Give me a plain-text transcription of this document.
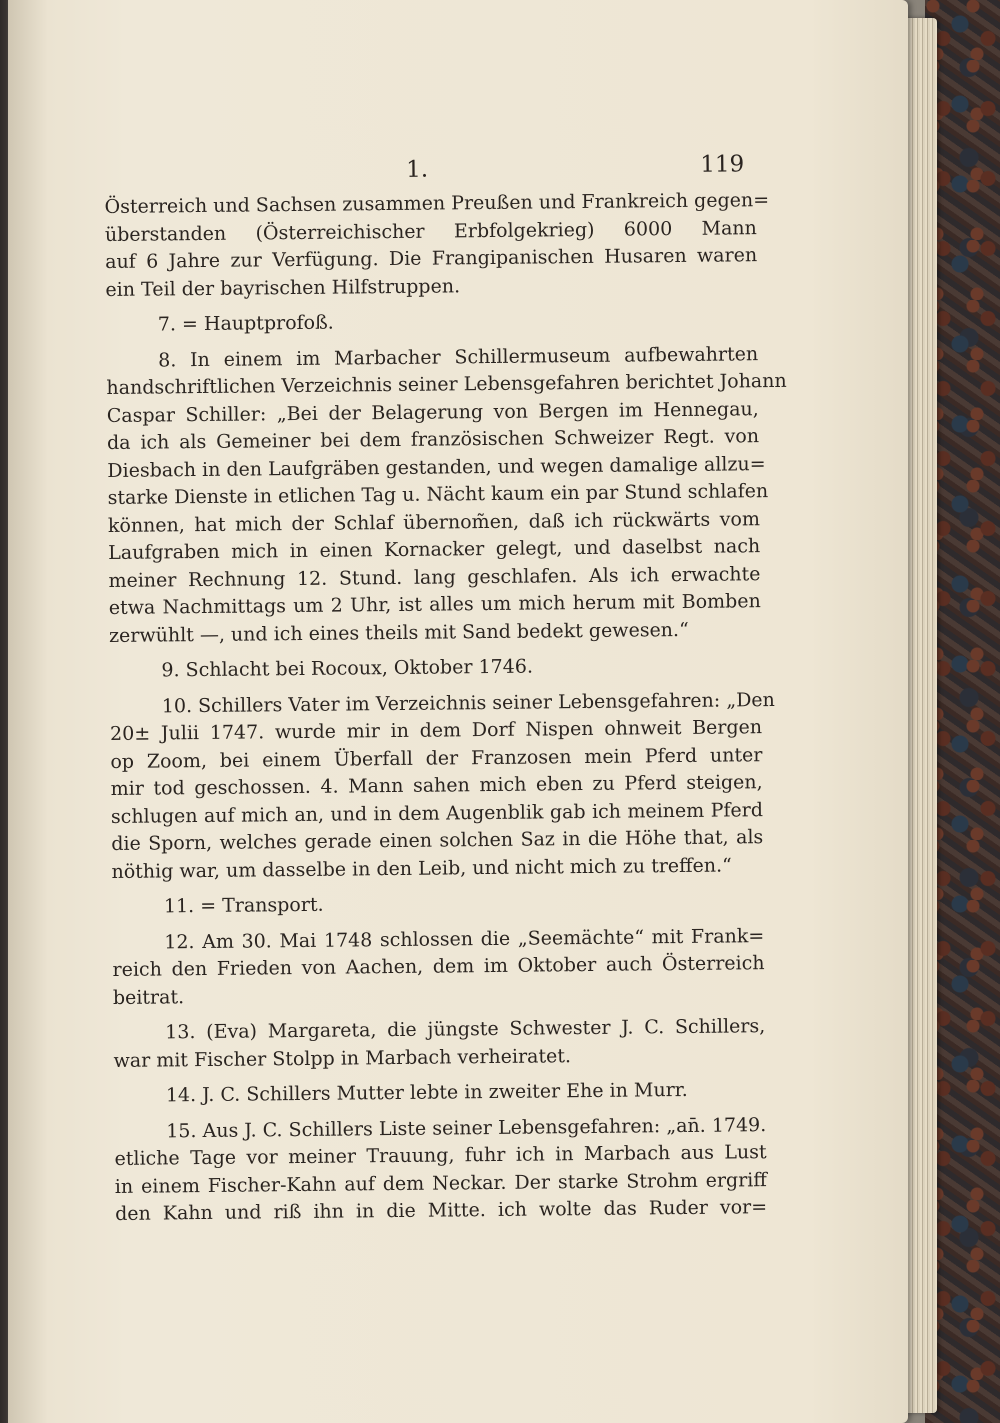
1.	119
Österreich und Sachsen zusammen Preußen und Frankreich gegen=
überstanden (Österreichischer Erbfolgekrieg) 6000 Mann
auf 6 Jahre zur Verfügung. Die Frangipanischen Husaren waren
ein Teil der bayrischen Hilfstruppen.
7. = Hauptprofoß.
8. In einem im Marbacher Schillermuseum aufbewahrten
handschriftlichen Verzeichnis seiner Lebensgefahren berichtet Johann
Caspar Schiller: „Bei der Belagerung von Bergen im Hennegau,
da ich als Gemeiner bei dem französischen Schweizer Regt. von
Diesbach in den Laufgräben gestanden, und wegen damalige allzu=
starke Dienste in etlichen Tag u. Nächt kaum ein par Stund schlafen
können, hat mich der Schlaf übernom̃en, daß ich rückwärts vom
Laufgraben mich in einen Kornacker gelegt, und daselbst nach
meiner Rechnung 12. Stund. lang geschlafen. Als ich erwachte
etwa Nachmittags um 2 Uhr, ist alles um mich herum mit Bomben
zerwühlt —, und ich eines theils mit Sand bedekt gewesen.“
9. Schlacht bei Rocoux, Oktober 1746.
10. Schillers Vater im Verzeichnis seiner Lebensgefahren: „Den
20± Julii 1747. wurde mir in dem Dorf Nispen ohnweit Bergen
op Zoom, bei einem Überfall der Franzosen mein Pferd unter
mir tod geschossen. 4. Mann sahen mich eben zu Pferd steigen,
schlugen auf mich an, und in dem Augenblik gab ich meinem Pferd
die Sporn, welches gerade einen solchen Saz in die Höhe that, als
nöthig war, um dasselbe in den Leib, und nicht mich zu treffen.“
11. = Transport.
12. Am 30. Mai 1748 schlossen die „Seemächte“ mit Frank=
reich den Frieden von Aachen, dem im Oktober auch Österreich
beitrat.
13. (Eva) Margareta, die jüngste Schwester J. C. Schillers,
war mit Fischer Stolpp in Marbach verheiratet.
14. J. C. Schillers Mutter lebte in zweiter Ehe in Murr.
15. Aus J. C. Schillers Liste seiner Lebensgefahren: „an̄. 1749.
etliche Tage vor meiner Trauung, fuhr ich in Marbach aus Lust
in einem Fischer-Kahn auf dem Neckar. Der starke Strohm ergriff
den Kahn und riß ihn in die Mitte. ich wolte das Ruder vor=
